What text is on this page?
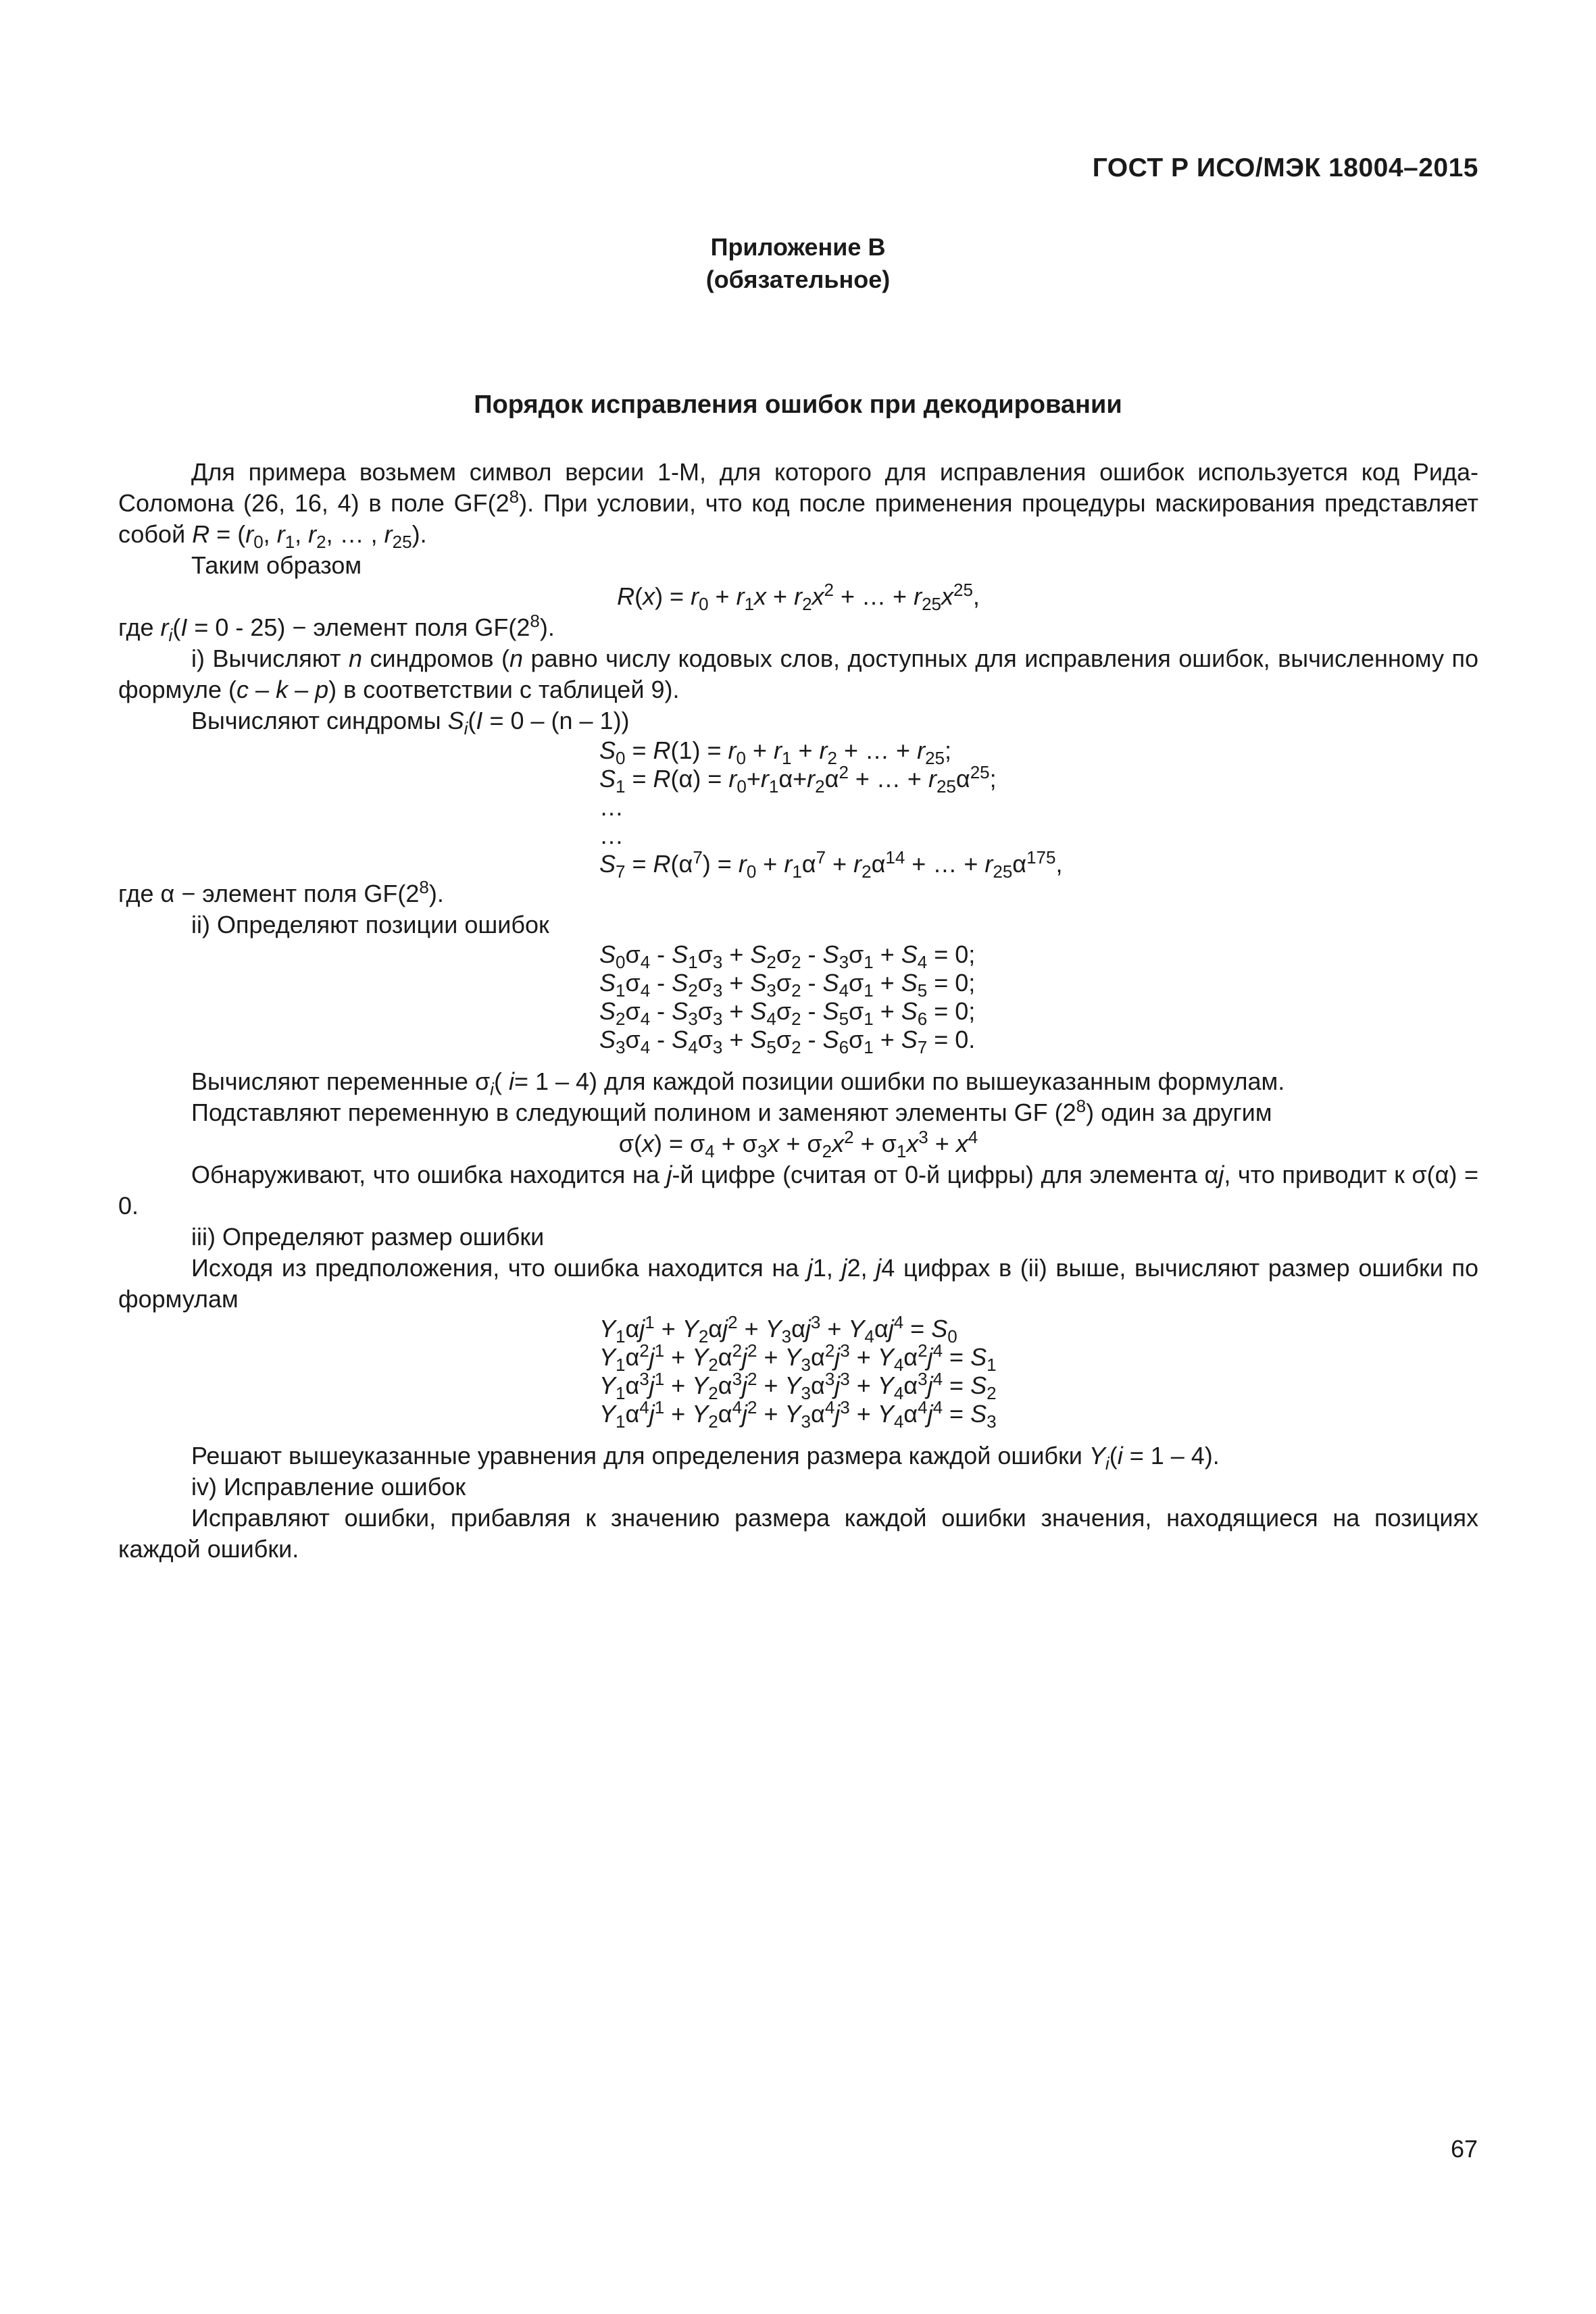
ГОСТ Р ИСО/МЭК 18004–2015
Приложение В
(обязательное)
Порядок исправления ошибок при декодировании

Для примера возьмем символ версии 1-M, для которого для исправления ошибок используется код Рида-Соломона (26, 16, 4) в поле $GF(2^8)$. При условии, что код после применения процедуры маскирования представляет собой $R = (r_0$, $r_1$, $r_2$, … , $r_{25}$).

Таким образом

$R(x) = r_0 + r_1x + r_2x^2$ + … + $r_{25}x^{25}$,

где $r_i(I = 0 - 25)$ − элемент поля $GF(2^8)$.

i) Вычисляют n синдромов (n равно числу кодовых слов, доступных для исправления ошибок, вычисленному по формуле (c – k – p) в соответствии с таблицей 9).

Вычисляют синдромы $S_i(I = 0 - (n - 1))$

$S_0 = R(1) = r_0 + r_1 + r_2$ + … + $r_{25}$;

$S_1 = R(\alpha) = r_0+r_1\alpha+r_2\alpha^2$ + … + $r_{25}\alpha^{25}$;

…

…

$S_7 = R(\alpha^7) = r_0 + r_1\alpha^7 + r_2\alpha^{14}$ + … + $r_{25}\alpha^{175}$,

где α − элемент поля $GF(2^8)$.

ii) Определяют позиции ошибок

$S_0\sigma_4 - S_1\sigma_3 + S_2\sigma_2 - S_3\sigma_1 + S_4 = 0$;

$S_1\sigma_4 - S_2\sigma_3 + S_3\sigma_2 - S_4\sigma_1 + S_5 = 0$;

$S_2\sigma_4 - S_3\sigma_3 + S_4\sigma_2 - S_5\sigma_1 + S_6 = 0$;

$S_3\sigma_4 - S_4\sigma_3 + S_5\sigma_2 - S_6\sigma_1 + S_7 = 0$.

Вычисляют переменные $\sigma_i$( i= 1 – 4) для каждой позиции ошибки по вышеуказанным формулам.

Подставляют переменную в следующий полином и заменяют элементы GF $(2^8)$ один за другим

$\sigma(x) = \sigma_4 + \sigma_3x + \sigma_2x^2 + \sigma_1x^3 + x^4$

Обнаруживают, что ошибка находится на j-й цифре (считая от 0-й цифры) для элемента αj, что приводит к σ(α) = 0.

iii) Определяют размер ошибки

Исходя из предположения, что ошибка находится на j1, j2, j4 цифрах в (ii) выше, вычисляют размер ошибки по формулам

$Y_1\alpha j^1 + Y_2\alpha j^2 + Y_3\alpha j^3 + Y_4\alpha j^4 = S_0$

$Y_1\alpha^2j^1 + Y_2\alpha^2j^2 + Y_3\alpha^2j^3 + Y_4\alpha^2j^4 = S_1$

$Y_1\alpha^3j^1 + Y_2\alpha^3j^2 + Y_3\alpha^3j^3 + Y_4\alpha^3j^4 = S_2$

$Y_1\alpha^4j^1 + Y_2\alpha^4j^2 + Y_3\alpha^4j^3 + Y_4\alpha^4j^4 = S_3$

Решают вышеуказанные уравнения для определения размера каждой ошибки $Y_i(i = 1 - 4)$.

iv) Исправление ошибок

Исправляют ошибки, прибавляя к значению размера каждой ошибки значения, находящиеся на позициях каждой ошибки.

67
